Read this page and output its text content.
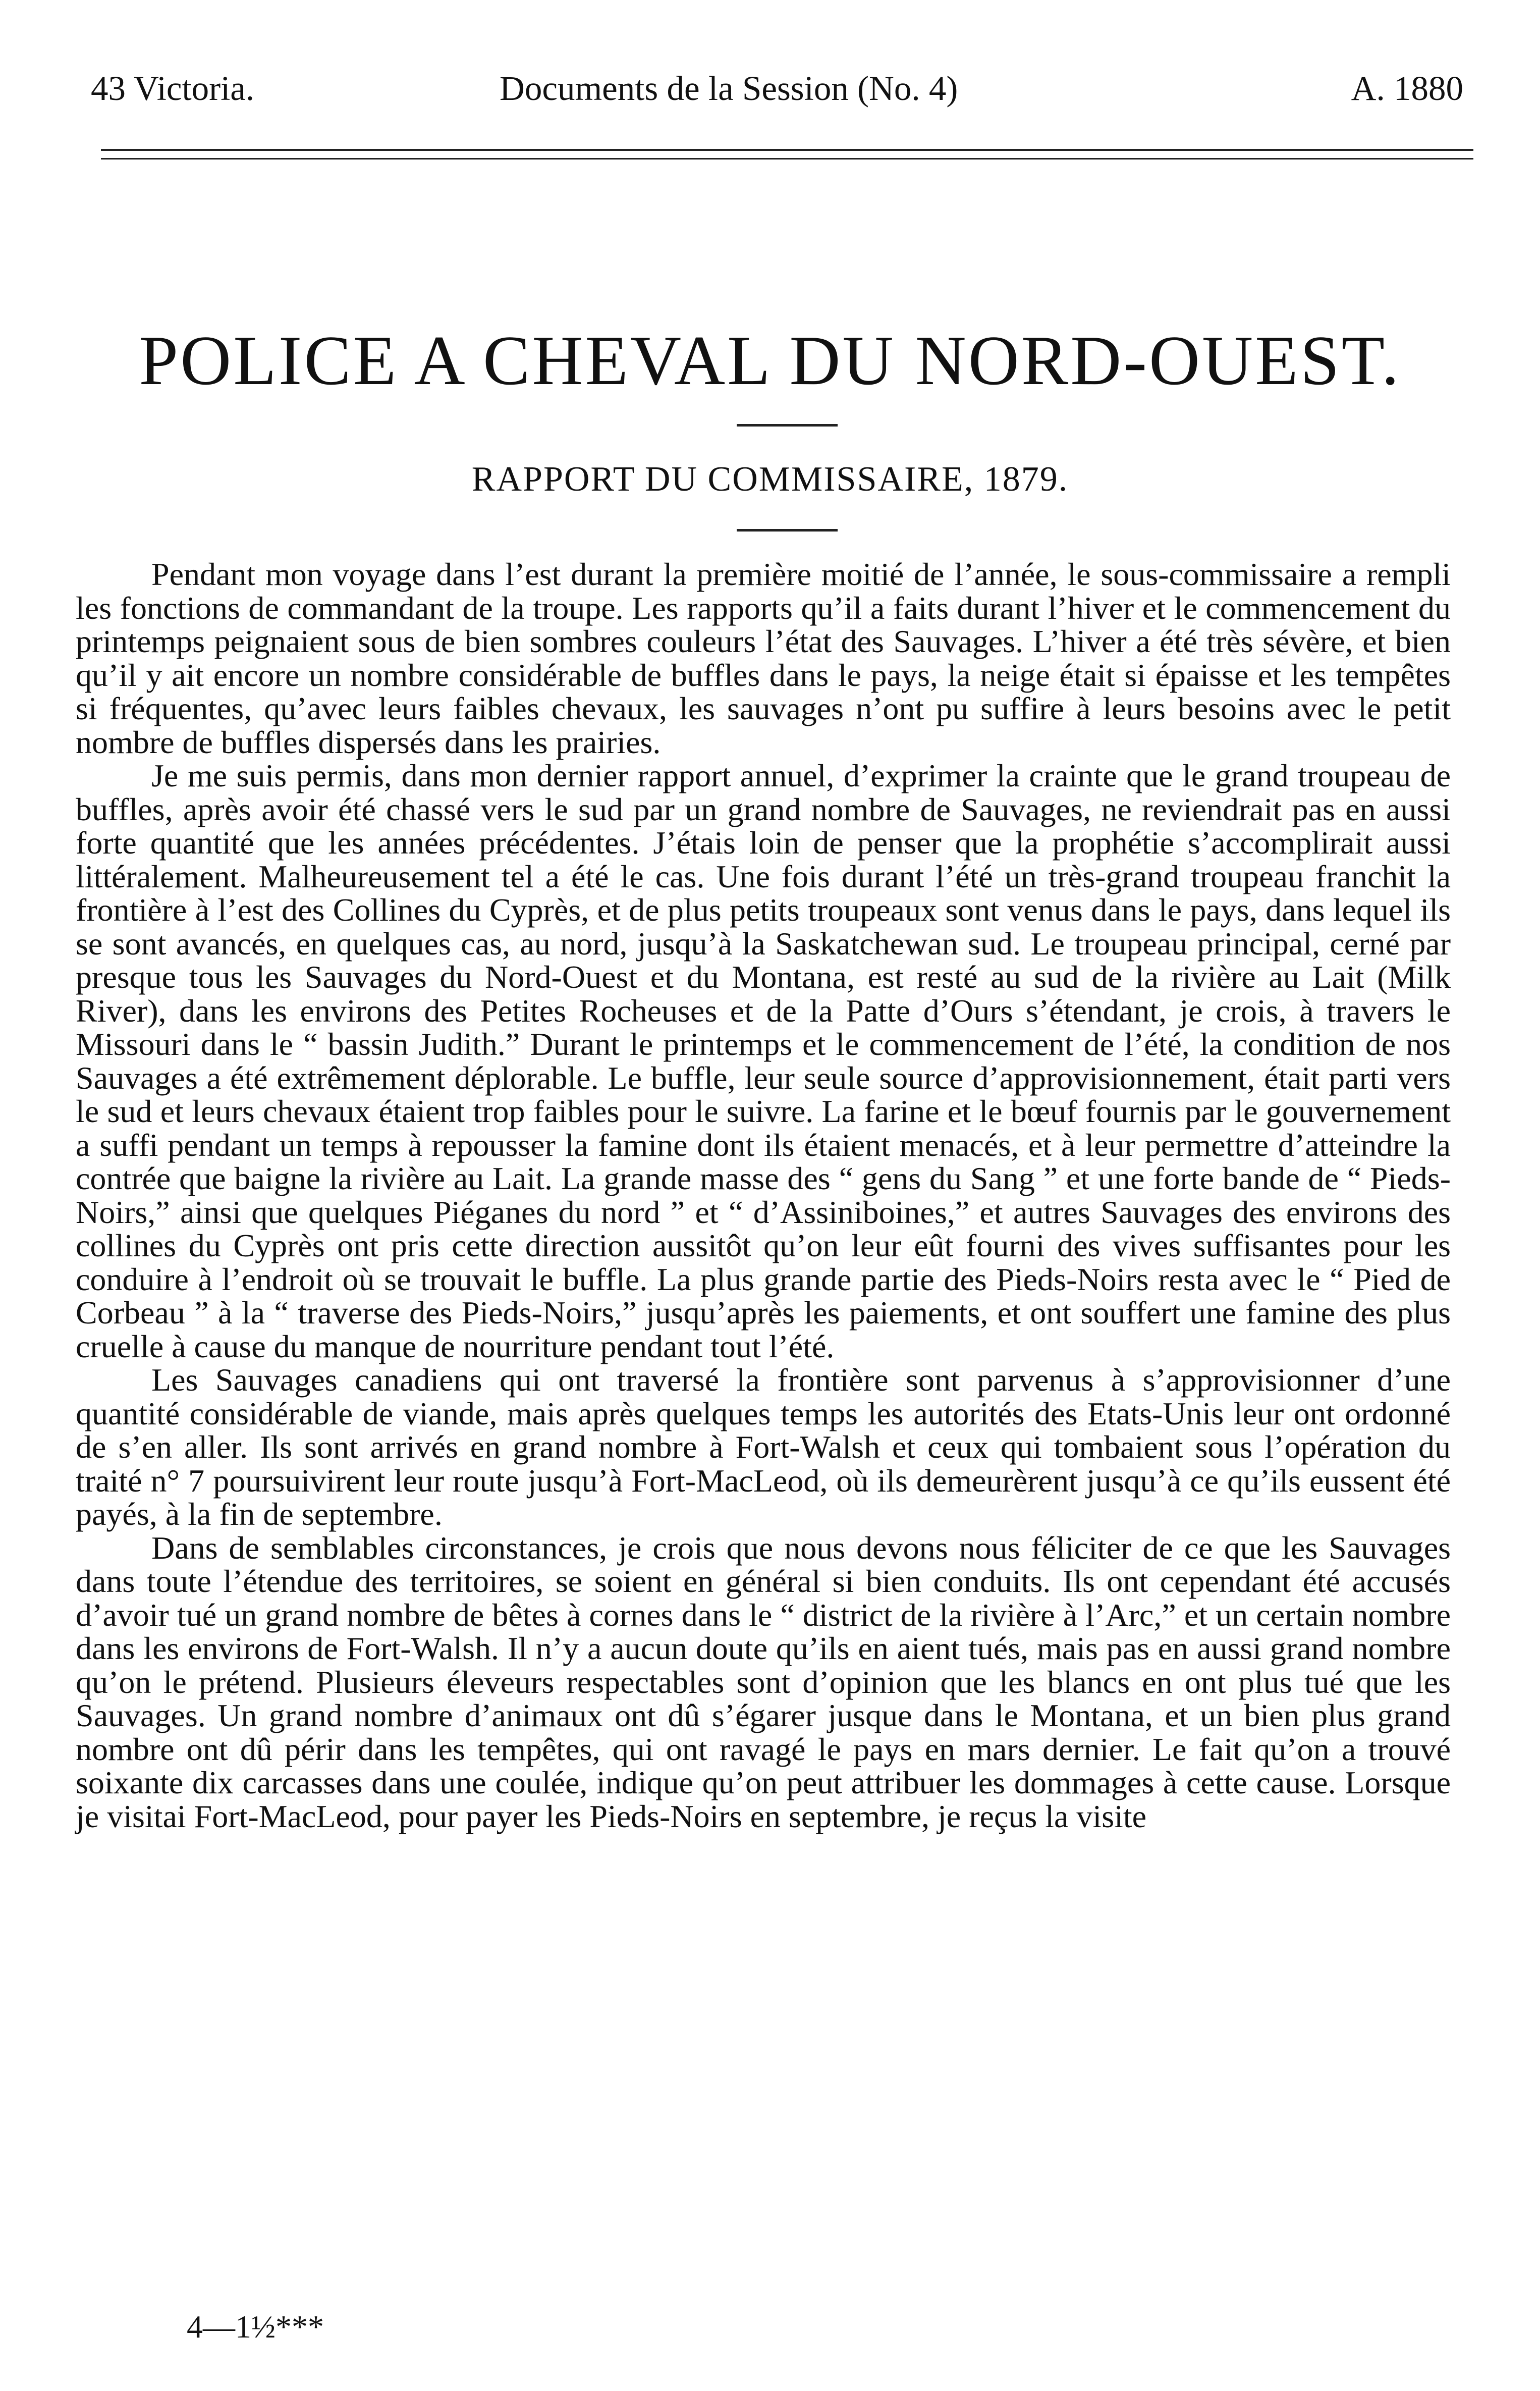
43 Victoria.	Documents de la Session (No. 4)	A. 1880
POLICE A CHEVAL DU NORD-OUEST.
RAPPORT DU COMMISSAIRE, 1879.

Pendant mon voyage dans l’est durant la première moitié de l’année, le sous-commissaire a rempli les fonctions de commandant de la troupe. Les rapports qu’il a faits durant l’hiver et le commencement du printemps peignaient sous de bien sombres couleurs l’état des Sauvages. L’hiver a été très sévère, et bien qu’il y ait encore un nombre considérable de buffles dans le pays, la neige était si épaisse et les tempêtes si fréquentes, qu’avec leurs faibles chevaux, les sauvages n’ont pu suffire à leurs besoins avec le petit nombre de buffles dispersés dans les prairies.

Je me suis permis, dans mon dernier rapport annuel, d’exprimer la crainte que le grand troupeau de buffles, après avoir été chassé vers le sud par un grand nombre de Sauvages, ne reviendrait pas en aussi forte quantité que les années précédentes. J’étais loin de penser que la prophétie s’accomplirait aussi littéralement. Malheureusement tel a été le cas. Une fois durant l’été un très-grand troupeau franchit la frontière à l’est des Collines du Cyprès, et de plus petits troupeaux sont venus dans le pays, dans lequel ils se sont avancés, en quelques cas, au nord, jusqu’à la Saskatchewan sud. Le troupeau principal, cerné par presque tous les Sauvages du Nord-Ouest et du Montana, est resté au sud de la rivière au Lait (Milk River), dans les environs des Petites Rocheuses et de la Patte d’Ours s’étendant, je crois, à travers le Missouri dans le “ bassin Judith.” Durant le printemps et le commencement de l’été, la condition de nos Sauvages a été extrêmement déplorable. Le buffle, leur seule source d’approvisionnement, était parti vers le sud et leurs chevaux étaient trop faibles pour le suivre. La farine et le bœuf fournis par le gouvernement a suffi pendant un temps à repousser la famine dont ils étaient menacés, et à leur permettre d’atteindre la contrée que baigne la rivière au Lait. La grande masse des “ gens du Sang ” et une forte bande de “ Pieds-Noirs,” ainsi que quelques Piéganes du nord ” et “ d’Assiniboines,” et autres Sauvages des environs des collines du Cyprès ont pris cette direction aussitôt qu’on leur eût fourni des vives suffisantes pour les conduire à l’endroit où se trouvait le buffle. La plus grande partie des Pieds-Noirs resta avec le “ Pied de Corbeau ” à la “ traverse des Pieds-Noirs,” jusqu’après les paiements, et ont souffert une famine des plus cruelle à cause du manque de nourriture pendant tout l’été.

Les Sauvages canadiens qui ont traversé la frontière sont parvenus à s’approvisionner d’une quantité considérable de viande, mais après quelques temps les autorités des Etats-Unis leur ont ordonné de s’en aller. Ils sont arrivés en grand nombre à Fort-Walsh et ceux qui tombaient sous l’opération du traité n° 7 poursuivirent leur route jusqu’à Fort-MacLeod, où ils demeurèrent jusqu’à ce qu’ils eussent été payés, à la fin de septembre.

Dans de semblables circonstances, je crois que nous devons nous féliciter de ce que les Sauvages dans toute l’étendue des territoires, se soient en général si bien conduits. Ils ont cependant été accusés d’avoir tué un grand nombre de bêtes à cornes dans le “ district de la rivière à l’Arc,” et un certain nombre dans les environs de Fort-Walsh. Il n’y a aucun doute qu’ils en aient tués, mais pas en aussi grand nombre qu’on le prétend. Plusieurs éleveurs respectables sont d’opinion que les blancs en ont plus tué que les Sauvages. Un grand nombre d’animaux ont dû s’égarer jusque dans le Montana, et un bien plus grand nombre ont dû périr dans les tempêtes, qui ont ravagé le pays en mars dernier. Le fait qu’on a trouvé soixante dix carcasses dans une coulée, indique qu’on peut attribuer les dommages à cette cause. Lorsque je visitai Fort-MacLeod, pour payer les Pieds-Noirs en septembre, je reçus la visite

4—1½***
